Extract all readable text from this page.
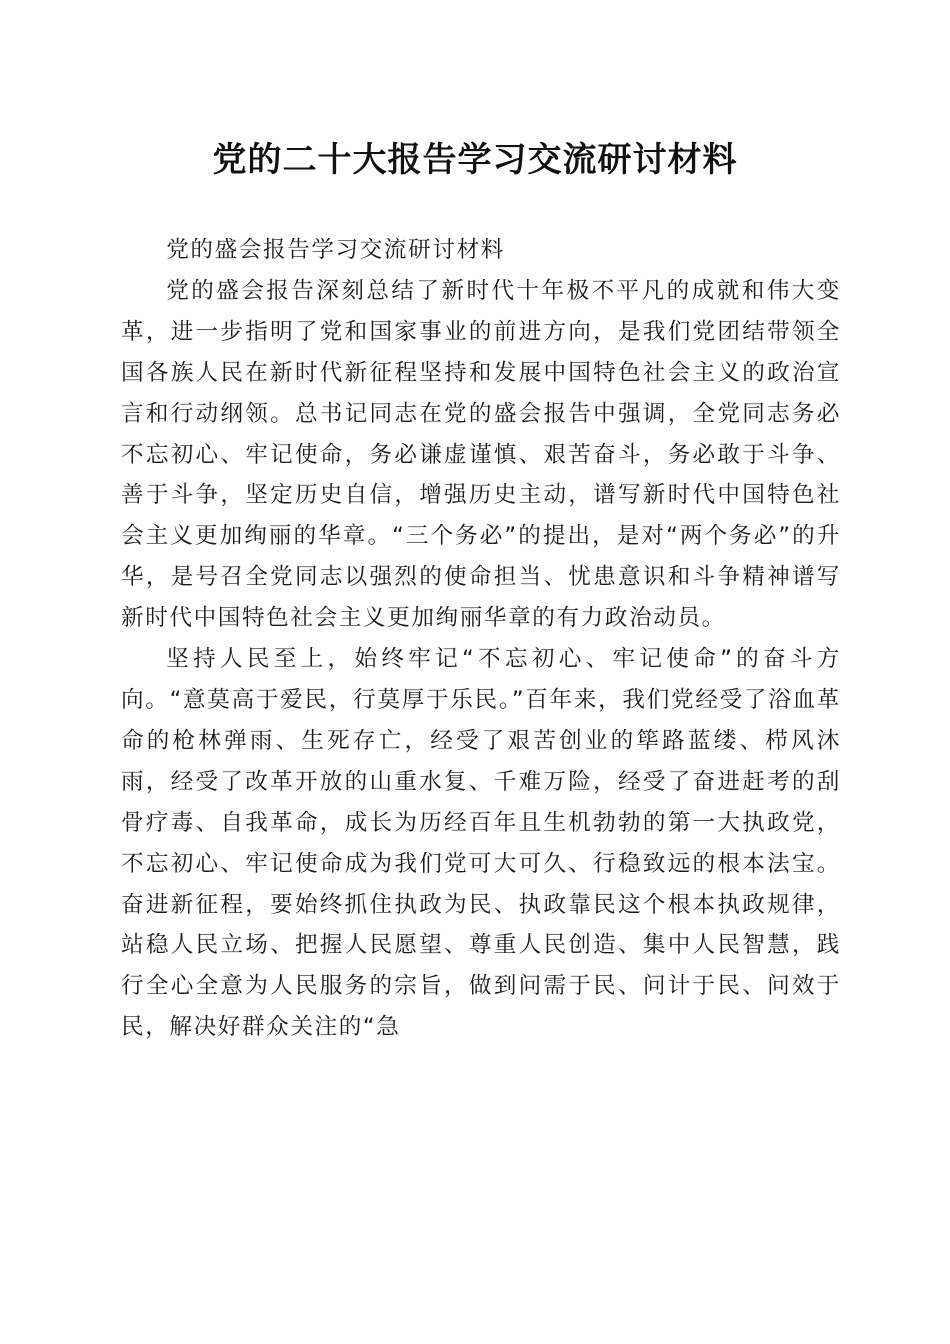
党的二十大报告学习交流研讨材料

党的盛会报告学习交流研讨材料

党的盛会报告深刻总结了新时代十年极不平凡的成就和伟大变革，进一步指明了党和国家事业的前进方向，是我们党团结带领全国各族人民在新时代新征程坚持和发展中国特色社会主义的政治宣言和行动纲领。总书记同志在党的盛会报告中强调，全党同志务必不忘初心、牢记使命，务必谦虚谨慎、艰苦奋斗，务必敢于斗争、善于斗争，坚定历史自信，增强历史主动，谱写新时代中国特色社会主义更加绚丽的华章。“三个务必”的提出，是对“两个务必”的升华，是号召全党同志以强烈的使命担当、忧患意识和斗争精神谱写新时代中国特色社会主义更加绚丽华章的有力政治动员。

坚持人民至上，始终牢记“不忘初心、牢记使命”的奋斗方向。“意莫高于爱民，行莫厚于乐民。”百年来，我们党经受了浴血革命的枪林弹雨、生死存亡，经受了艰苦创业的筚路蓝缕、栉风沐雨，经受了改革开放的山重水复、千难万险，经受了奋进赶考的刮骨疗毒、自我革命，成长为历经百年且生机勃勃的第一大执政党，不忘初心、牢记使命成为我们党可大可久、行稳致远的根本法宝。奋进新征程，要始终抓住执政为民、执政靠民这个根本执政规律，站稳人民立场、把握人民愿望、尊重人民创造、集中人民智慧，践行全心全意为人民服务的宗旨，做到问需于民、问计于民、问效于民，解决好群众关注的“急
